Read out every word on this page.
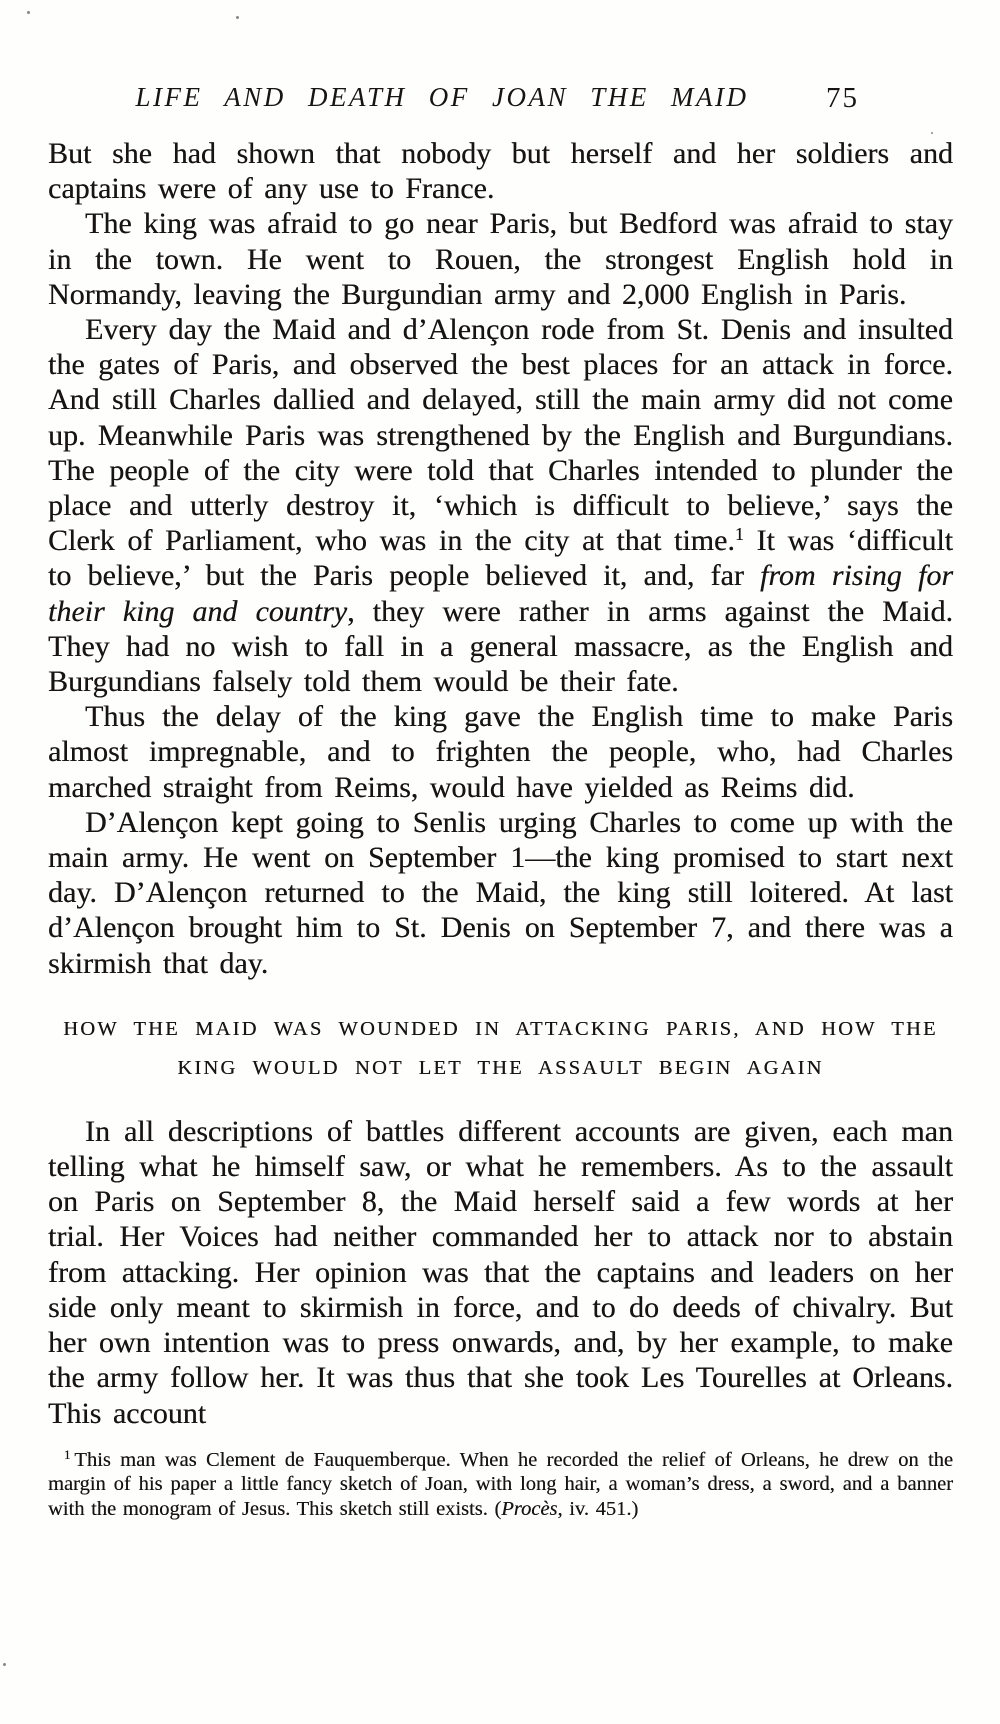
LIFE AND DEATH OF JOAN THE MAID	75

But she had shown that nobody but herself and her soldiers and captains were of any use to France.

The king was afraid to go near Paris, but Bedford was afraid to stay in the town. He went to Rouen, the strongest English hold in Normandy, leaving the Burgundian army and 2,000 English in Paris.

Every day the Maid and d’Alençon rode from St. Denis and insulted the gates of Paris, and observed the best places for an attack in force. And still Charles dallied and delayed, still the main army did not come up. Meanwhile Paris was strengthened by the English and Burgundians. The people of the city were told that Charles intended to plunder the place and utterly destroy it, ‘which is difficult to believe,’ says the Clerk of Parliament, who was in the city at that time.$^1$ It was ‘difficult to believe,’ but the Paris people believed it, and, far from rising for their king and country, they were rather in arms against the Maid. They had no wish to fall in a general massacre, as the English and Burgundians falsely told them would be their fate.

Thus the delay of the king gave the English time to make Paris almost impregnable, and to frighten the people, who, had Charles marched straight from Reims, would have yielded as Reims did.

D’Alençon kept going to Senlis urging Charles to come up with the main army. He went on September 1—the king promised to start next day. D’Alençon returned to the Maid, the king still loitered. At last d’Alençon brought him to St. Denis on September 7, and there was a skirmish that day.

HOW THE MAID WAS WOUNDED IN ATTACKING PARIS, AND HOW THE
KING WOULD NOT LET THE ASSAULT BEGIN AGAIN

In all descriptions of battles different accounts are given, each man telling what he himself saw, or what he remembers. As to the assault on Paris on September 8, the Maid herself said a few words at her trial. Her Voices had neither commanded her to attack nor to abstain from attacking. Her opinion was that the captains and leaders on her side only meant to skirmish in force, and to do deeds of chivalry. But her own intention was to press onwards, and, by her example, to make the army follow her. It was thus that she took Les Tourelles at Orleans. This account

$^1$ This man was Clement de Fauquemberque. When he recorded the relief of Orleans, he drew on the margin of his paper a little fancy sketch of Joan, with long hair, a woman’s dress, a sword, and a banner with the monogram of Jesus. This sketch still exists. (Procès, iv. 451.)
